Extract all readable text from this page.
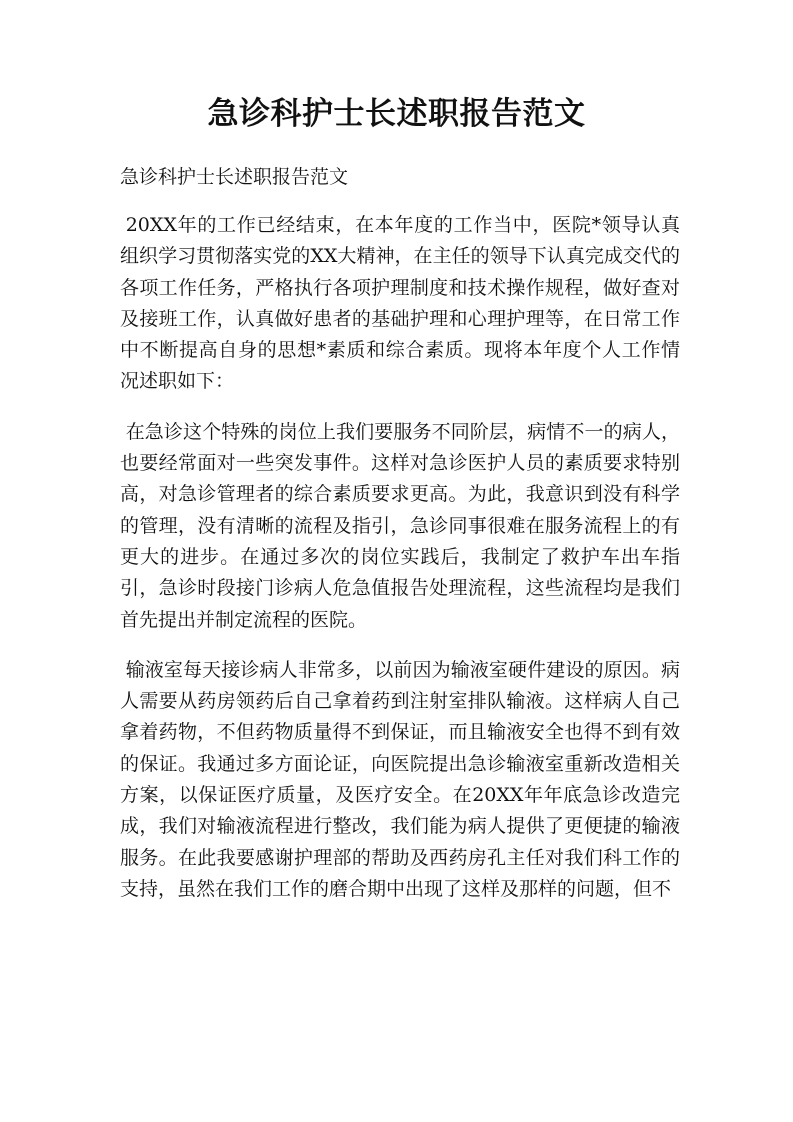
急诊科护士长述职报告范文

急诊科护士长述职报告范文

20XX年的工作已经结束，在本年度的工作当中，医院*领导认真组织学习贯彻落实党的XX大精神，在主任的领导下认真完成交代的各项工作任务，严格执行各项护理制度和技术操作规程，做好查对及接班工作，认真做好患者的基础护理和心理护理等，在日常工作中不断提高自身的思想*素质和综合素质。现将本年度个人工作情况述职如下：

在急诊这个特殊的岗位上我们要服务不同阶层，病情不一的病人，也要经常面对一些突发事件。这样对急诊医护人员的素质要求特别高，对急诊管理者的综合素质要求更高。为此，我意识到没有科学的管理，没有清晰的流程及指引，急诊同事很难在服务流程上的有更大的进步。在通过多次的岗位实践后，我制定了救护车出车指引，急诊时段接门诊病人危急值报告处理流程，这些流程均是我们首先提出并制定流程的医院。

输液室每天接诊病人非常多，以前因为输液室硬件建设的原因。病人需要从药房领药后自己拿着药到注射室排队输液。这样病人自己拿着药物，不但药物质量得不到保证，而且输液安全也得不到有效的保证。我通过多方面论证，向医院提出急诊输液室重新改造相关方案，以保证医疗质量，及医疗安全。在20XX年年底急诊改造完成，我们对输液流程进行整改，我们能为病人提供了更便捷的输液服务。在此我要感谢护理部的帮助及西药房孔主任对我们科工作的支持，虽然在我们工作的磨合期中出现了这样及那样的问题，但不
